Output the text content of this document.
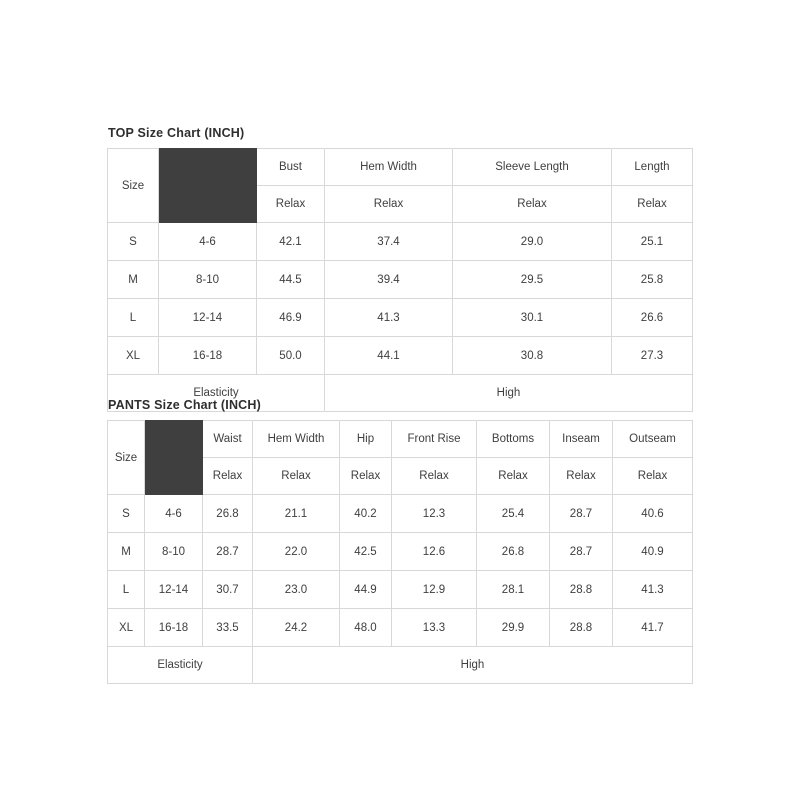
TOP Size Chart (INCH)
Size	US Size	Bust	Hem Width	Sleeve Length	Length
		Relax	Relax	Relax	Relax
S	4-6	42.1	37.4	29.0	25.1
M	8-10	44.5	39.4	29.5	25.8
L	12-14	46.9	41.3	30.1	26.6
XL	16-18	50.0	44.1	30.8	27.3
Elasticity			High		
PANTS Size Chart (INCH)
Size	US Size	Waist	Hem Width	Hip	Front Rise	Bottoms	Inseam	Outseam
		Relax	Relax	Relax	Relax	Relax	Relax	Relax
S	4-6	26.8	21.1	40.2	12.3	25.4	28.7	40.6
M	8-10	28.7	22.0	42.5	12.6	26.8	28.7	40.9
L	12-14	30.7	23.0	44.9	12.9	28.1	28.8	41.3
XL	16-18	33.5	24.2	48.0	13.3	29.9	28.8	41.7
Elasticity			High					
